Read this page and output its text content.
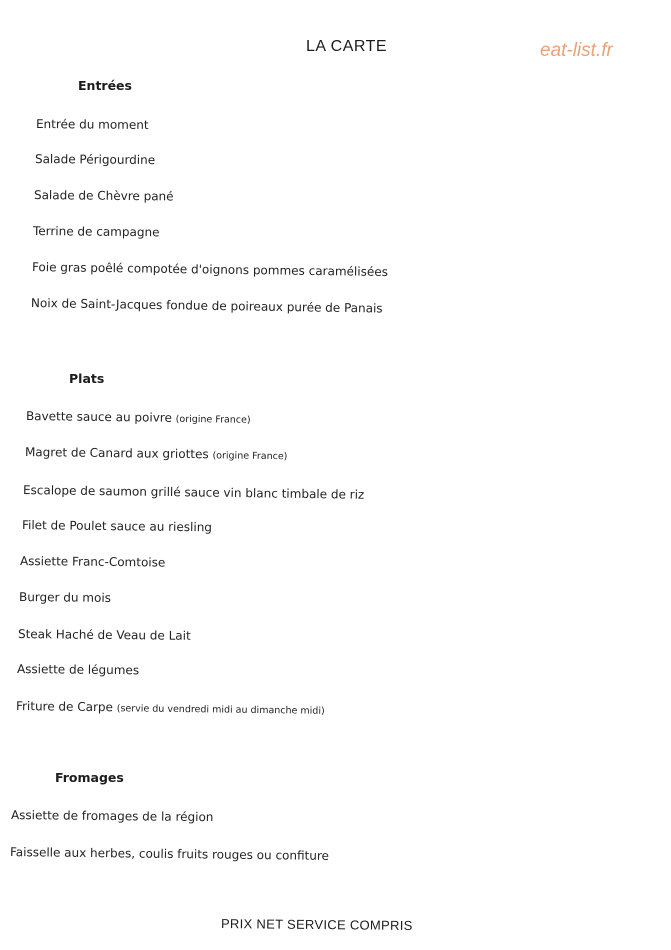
LA CARTE	eat-list.fr
Entrées
Entrée du moment
Salade Périgourdine
Salade de Chèvre pané
Terrine de campagne
Foie gras poêlé compotée d'oignons pommes caramélisées
Noix de Saint-Jacques fondue de poireaux purée de Panais
Plats
Bavette sauce au poivre (origine France)
Magret de Canard aux griottes (origine France)
Escalope de saumon grillé sauce vin blanc timbale de riz
Filet de Poulet sauce au riesling
Assiette Franc-Comtoise
Burger du mois
Steak Haché de Veau de Lait
Assiette de légumes
Friture de Carpe (servie du vendredi midi au dimanche midi)
Fromages
Assiette de fromages de la région
Faisselle aux herbes, coulis fruits rouges ou confiture
PRIX NET SERVICE COMPRIS
